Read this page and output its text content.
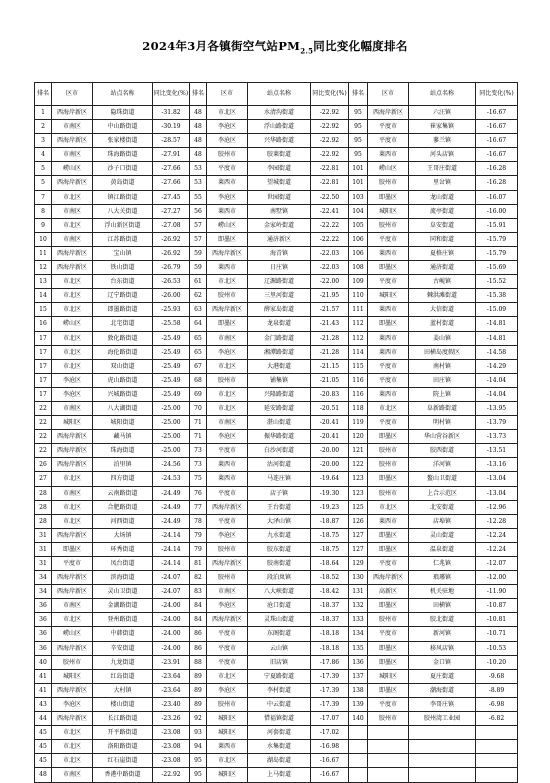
2024年3月各镇街空气站$PM_{2.5}$同比变化幅度排名
排名	区市	站点名称	同比变化(%)	排名	区市	站点名称	同比变化(%)	排名	区市	站点名称	同比变化(%)
1	西海岸新区	隐珠街道	-31.82	48	市北区	水清沟街道	-22.92	95	西海岸新区	六汪镇	-16.67
2	市南区	中山路街道	-30.19	48	李沧区	浮山路街道	-22.92	95	平度市	崔家集镇	-16.67
3	西海岸新区	张家楼街道	-28.57	48	李沧区	兴华路街道	-22.92	95	平度市	蓼兰镇	-16.67
4	市南区	珠海路街道	-27.91	48	胶州市	胶莱街道	-22.92	95	莱西市	河头店镇	-16.67
5	崂山区	沙子口街道	-27.66	53	平度市	李园街道	-22.81	101	崂山区	王哥庄街道	-16.28
5	西海岸新区	黄岛街道	-27.66	53	莱西市	望城街道	-22.81	101	胶州市	里岔镇	-16.28
7	市北区	镇江路街道	-27.45	55	李沧区	世园街道	-22.50	103	即墨区	龙山街道	-16.07
8	市南区	八大关街道	-27.27	56	莱西市	南墅镇	-22.41	104	城阳区	流亭街道	-16.00
9	市北区	浮山新区街道	-27.08	57	崂山区	金家岭街道	-22.22	105	胶州市	阜安街道	-15.91
10	市南区	江苏路街道	-26.92	57	即墨区	通济新区	-22.22	106	平度市	同和街道	-15.79
11	西海岸新区	宝山镇	-26.92	59	西海岸新区	海青镇	-22.03	106	莱西市	夏格庄镇	-15.79
12	西海岸新区	铁山街道	-26.79	59	莱西市	日庄镇	-22.03	108	即墨区	通济街道	-15.69
13	市北区	台东街道	-26.53	61	市北区	辽源路街道	-22.00	109	平度市	古岘镇	-15.52
14	市北区	辽宁路街道	-26.00	62	胶州市	三里河街道	-21.95	110	城阳区	棘洪滩街道	-15.38
15	市北区	即墨路街道	-25.93	63	西海岸新区	薛家岛街道	-21.57	111	莱西市	大信街道	-15.09
16	崂山区	北宅街道	-25.58	64	即墨区	龙泉街道	-21.43	112	即墨区	蓝村街道	-14.81
17	市北区	敦化路街道	-25.49	65	市南区	金门路街道	-21.28	112	莱西市	姜山镇	-14.81
17	市北区	海伦路街道	-25.49	65	李沧区	湘潭路街道	-21.28	114	莱西市	田横岛度假区	-14.58
17	市北区	双山街道	-25.49	67	市北区	大港街道	-21.15	115	平度市	南村镇	-14.29
17	李沧区	虎山路街道	-25.49	68	胶州市	铺集镇	-21.05	116	平度市	田庄镇	-14.04
17	李沧区	兴城路街道	-25.49	69	市北区	兴隆路街道	-20.83	116	莱西市	院上镇	-14.04
22	市南区	八大湖街道	-25.00	70	市北区	延安路街道	-20.51	118	市北区	阜新路街道	-13.95
22	城阳区	城阳街道	-25.00	71	市南区	湛山街道	-20.41	119	平度市	明村镇	-13.79
22	西海岸新区	藏马镇	-25.00	71	李沧区	振华路街道	-20.41	120	即墨区	华山营谷新区	-13.73
22	西海岸新区	珠海街道	-25.00	73	平度市	白沙河街道	-20.00	121	胶州市	胶西街道	-13.51
26	西海岸新区	泊里镇	-24.56	73	莱西市	沽河街道	-20.00	122	胶州市	洋河镇	-13.16
27	市北区	四方街道	-24.53	75	莱西市	马连庄镇	-19.64	123	即墨区	鳌山卫街道	-13.04
28	市南区	云南路街道	-24.49	76	平度市	店子镇	-19.30	123	胶州市	上合示范区	-13.04
28	市北区	合肥路街道	-24.49	77	西海岸新区	王台街道	-19.23	125	市北区	北安街道	-12.96
28	市北区	河西街道	-24.49	78	平度市	大泽山镇	-18.87	126	莱西市	店埠镇	-12.28
31	西海岸新区	大场镇	-24.14	79	李沧区	九水街道	-18.75	127	即墨区	灵山街道	-12.24
31	即墨区	环秀街道	-24.14	79	胶州市	胶东街道	-18.75	127	即墨区	温泉街道	-12.24
31	平度市	凤台街道	-24.14	81	西海岸新区	胶南街道	-18.64	129	平度市	仁兆镇	-12.07
34	西海岸新区	滨海街道	-24.07	82	胶州市	段泊岚镇	-18.52	130	西海岸新区	琅琊镇	-12.00
34	西海岸新区	灵山卫街道	-24.07	83	市南区	八大峡街道	-18.42	131	高新区	机关驻地	-11.90
36	市南区	金湖路街道	-24.00	84	李沧区	沧口街道	-18.37	132	即墨区	田横镇	-10.87
36	市北区	登州路街道	-24.00	84	西海岸新区	灵珠山街道	-18.37	133	胶州市	胶北街道	-10.81
36	崂山区	中韩街道	-24.00	86	平度市	东阁街道	-18.18	134	平度市	新河镇	-10.71
36	西海岸新区	辛安街道	-24.00	86	平度市	云山镇	-18.18	135	即墨区	移风店镇	-10.53
40	胶州市	九龙街道	-23.91	88	平度市	旧店镇	-17.86	136	即墨区	金口镇	-10.20
41	城阳区	红岛街道	-23.64	89	市北区	宁夏路街道	-17.39	137	城阳区	夏庄街道	-9.68
41	西海岸新区	大村镇	-23.64	89	李沧区	李村街道	-17.39	138	即墨区	潮海街道	-8.89
43	李沧区	楼山街道	-23.40	89	胶州市	中云街道	-17.39	139	平度市	李哥庄镇	-6.98
44	西海岸新区	长江路街道	-23.26	92	城阳区	惜福镇街道	-17.07	140	胶州市	胶州湾工业园	-6.82
45	市北区	开平路街道	-23.08	93	城阳区	河套街道	-17.02				
45	市北区	洛阳路街道	-23.08	94	莱西市	水集街道	-16.98				
45	市北区	红石崖街道	-23.08	95	市北区	湖岛街道	-16.67				
48	市南区	香港中路街道	-22.92	95	城阳区	上马街道	-16.67				
